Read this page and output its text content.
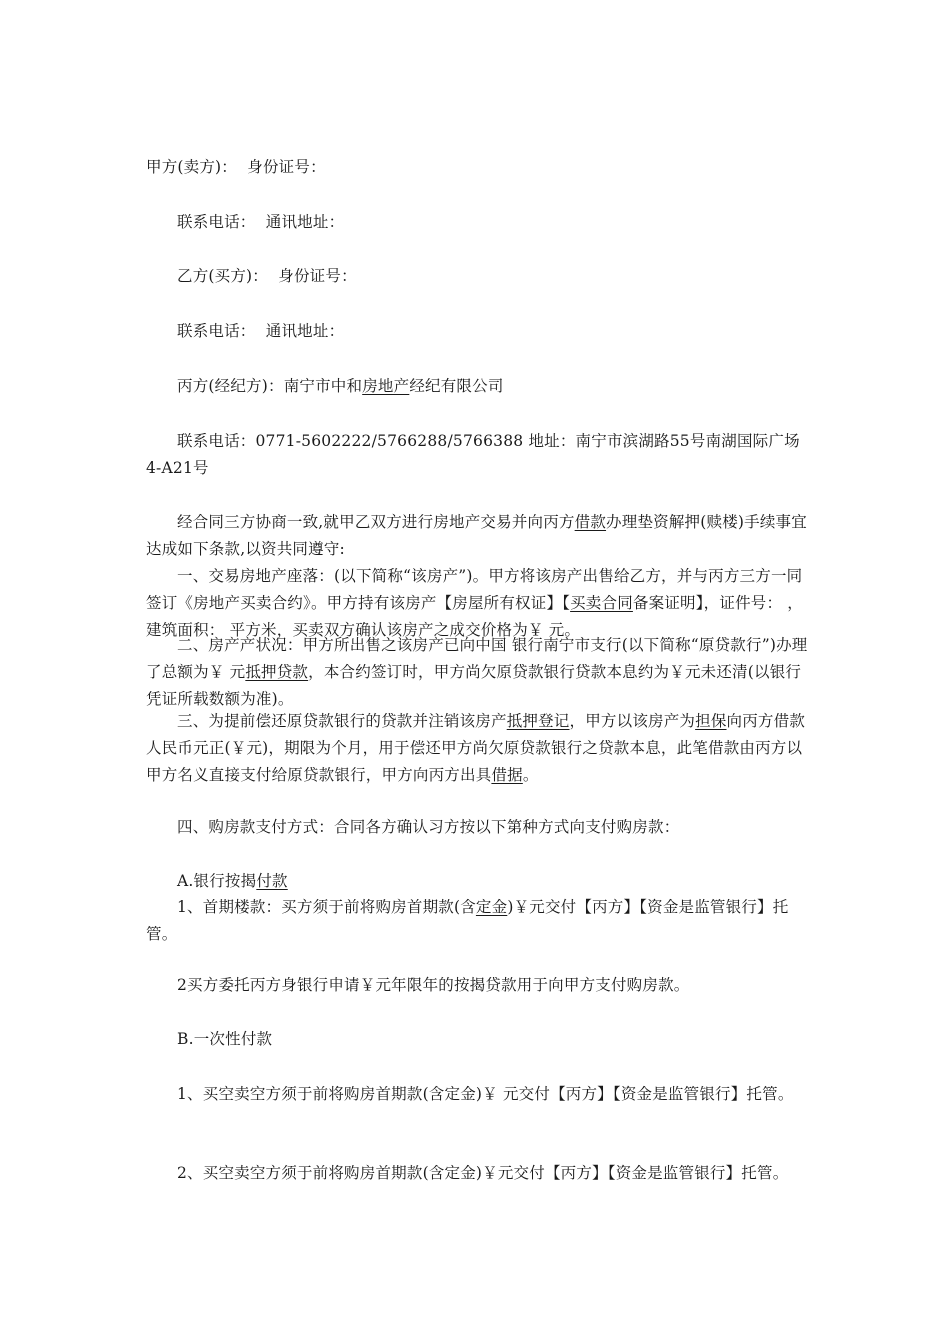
甲方(卖方)： 身份证号：
联系电话： 通讯地址：
乙方(买方)： 身份证号：
联系电话： 通讯地址：
丙方(经纪方)：南宁市中和房地产经纪有限公司
联系电话：0771-5602222/5766288/5766388 地址：南宁市滨湖路55号南湖国际广场4-A21号
经合同三方协商一致,就甲乙双方进行房地产交易并向丙方借款办理垫资解押(赎楼)手续事宜达成如下条款,以资共同遵守:
一、交易房地产座落：(以下简称“该房产”)。甲方将该房产出售给乙方，并与丙方三方一同签订《房地产买卖合约》。甲方持有该房产【房屋所有权证】【买卖合同备案证明】，证件号： ， 建筑面积： 平方米，买卖双方确认该房产之成交价格为￥ 元。
二、房产产状况：甲方所出售之该房产已向中国 银行南宁市支行(以下简称“原贷款行”)办理了总额为￥ 元抵押贷款，本合约签订时，甲方尚欠原贷款银行贷款本息约为￥元未还清(以银行凭证所载数额为准)。
三、为提前偿还原贷款银行的贷款并注销该房产抵押登记，甲方以该房产为担保向丙方借款人民币元正(￥元)，期限为个月，用于偿还甲方尚欠原贷款银行之贷款本息，此笔借款由丙方以甲方名义直接支付给原贷款银行，甲方向丙方出具借据。
四、购房款支付方式：合同各方确认习方按以下第种方式向支付购房款：
A.银行按揭付款
1、首期楼款：买方须于前将购房首期款(含定金)￥元交付【丙方】【资金是监管银行】托管。
2买方委托丙方身银行申请￥元年限年的按揭贷款用于向甲方支付购房款。
B.一次性付款
1、买空卖空方须于前将购房首期款(含定金)￥ 元交付【丙方】【资金是监管银行】托管。
2、买空卖空方须于前将购房首期款(含定金)￥元交付【丙方】【资金是监管银行】托管。
